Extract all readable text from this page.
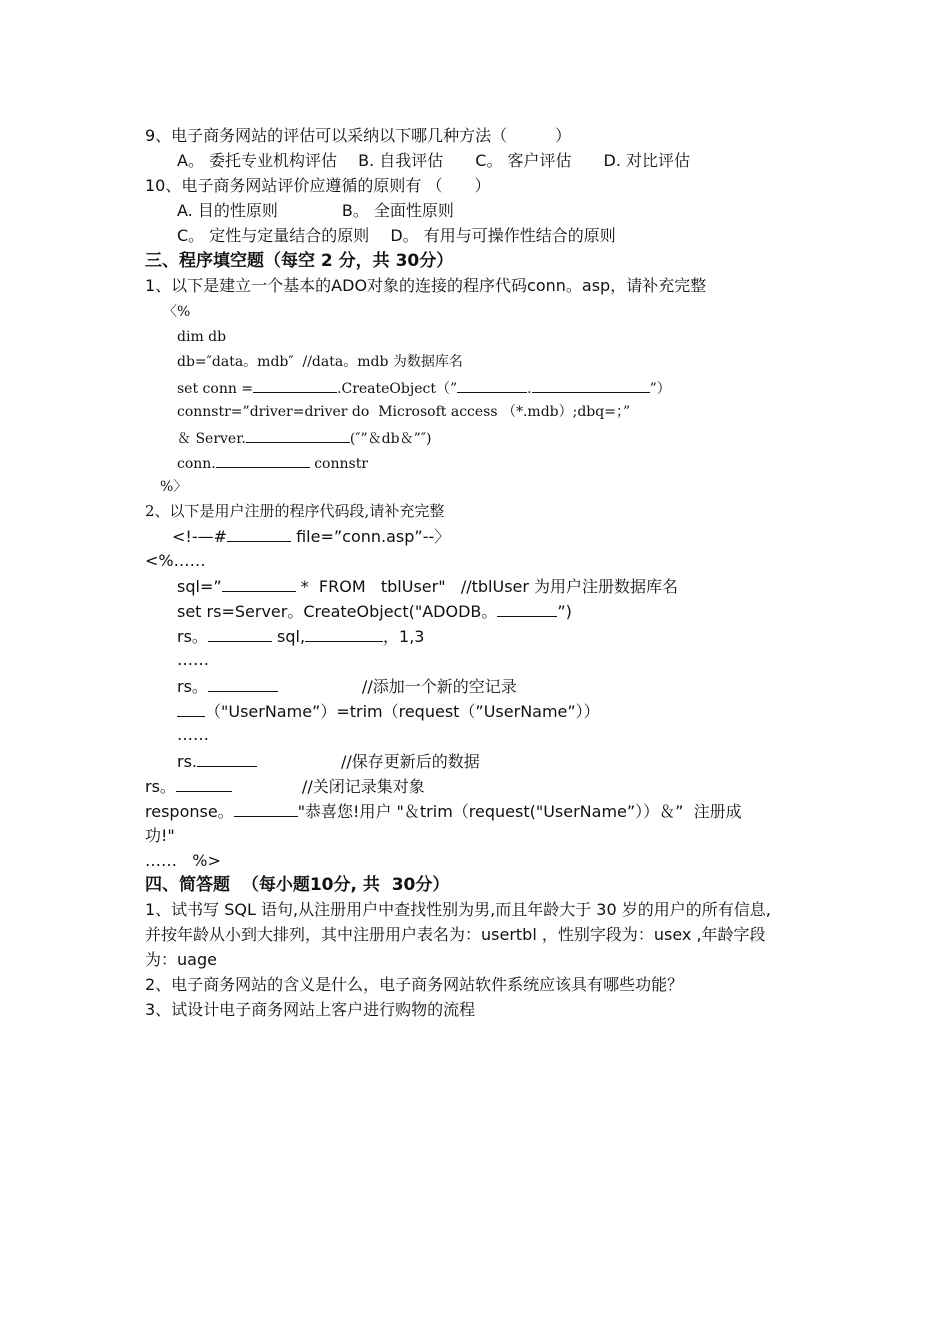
9、电子商务网站的评估可以采纳以下哪几种方法（　　　）
A。 委托专业机构评估　 B. 自我评估　　C。 客户评估　　D. 对比评估
10、电子商务网站评价应遵循的原则有 （　　）
A. 目的性原则　　　　B。 全面性原则
C。 定性与定量结合的原则　 D。 有用与可操作性结合的原则
三、程序填空题（每空 2 分，共 30分）
1、以下是建立一个基本的ADO对象的连接的程序代码conn。asp，请补充完整
〈%
dim db
db=″data。mdb″  //data。mdb 为数据库名
set conn =	.CreateObject（”	.	”）
connstr=”driver=driver do  Microsoft access （*.mdb）;dbq=；”
＆ Server.	(″”＆db＆”″)
conn.	connstr
%〉
2、以下是用户注册的程序代码段,请补充完整
<!-—#	file=”conn.asp”--〉
<%……
sql=”	*  FROM   tblUser"   //tblUser 为用户注册数据库名
set rs=Server。CreateObject("ADODB。	”)
rs。	sql,	，1,3
……
rs。	//添加一个新的空记录
（"UserName”）=trim（request（”UserName”））
……
rs.	//保存更新后的数据
rs。	//关闭记录集对象
response。	"恭喜您!用户 "＆trim（request("UserName”））＆”  注册成
功!"
……   %>
四、简答题  （每小题10分, 共  30分）
1、试书写 SQL 语句,从注册用户中查找性别为男,而且年龄大于 30 岁的用户的所有信息,
并按年龄从小到大排列，其中注册用户表名为：usertbl ，性别字段为：usex ,年龄字段
为：uage
2、电子商务网站的含义是什么，电子商务网站软件系统应该具有哪些功能？
3、试设计电子商务网站上客户进行购物的流程
